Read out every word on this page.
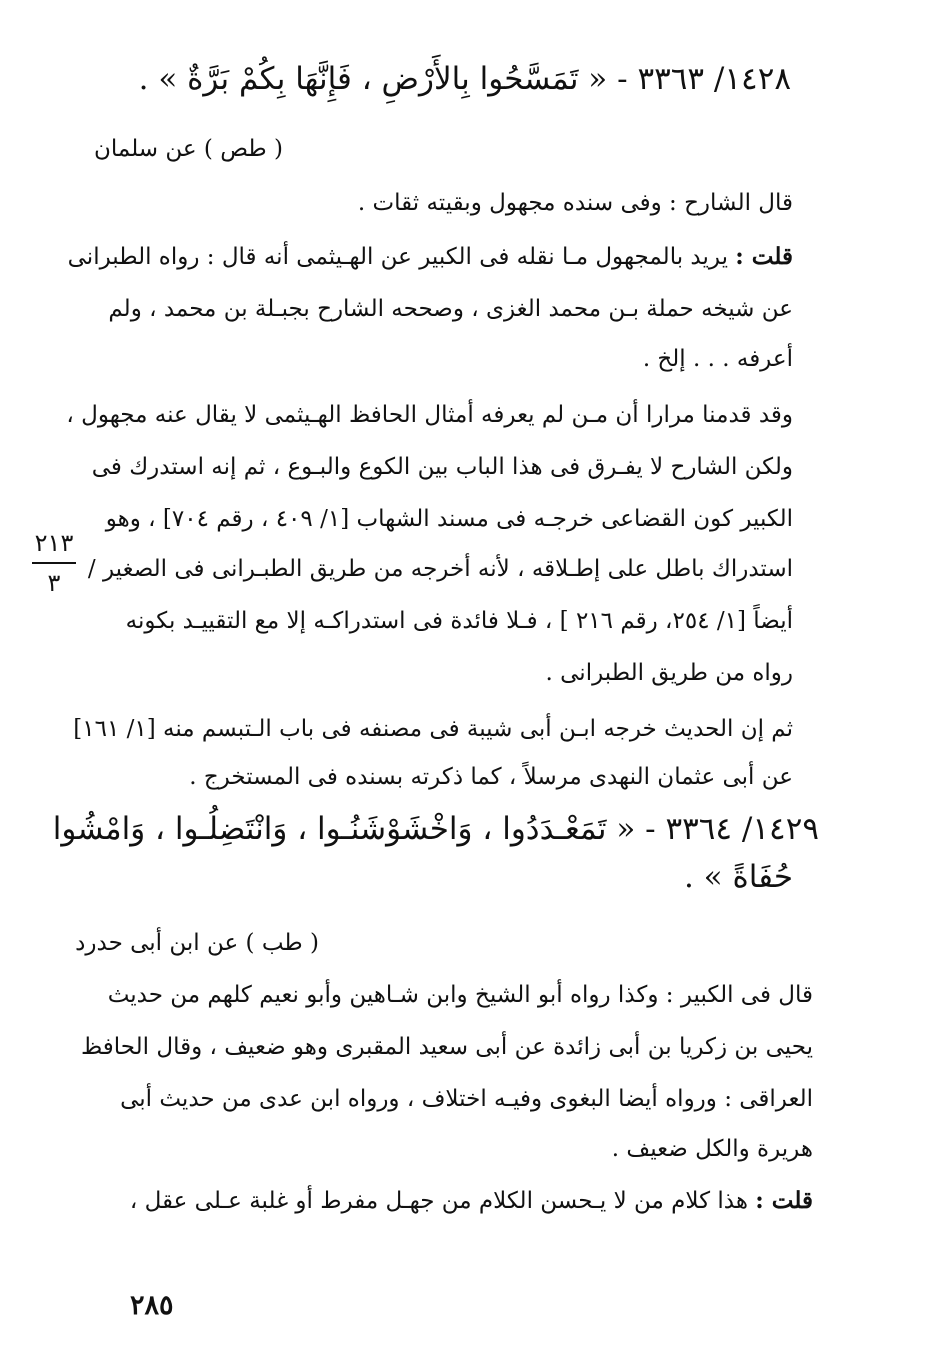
١٤٢٨/ ٣٣٦٣ - « تَمَسَّحُوا بِالأَرْضِ ، فَإِنَّهَا بِكُمْ بَرَّةٌ » .

( طص ) عن سلمان

قال الشارح : وفى سنده مجهول وبقيته ثقات .

قلت : يريد بالمجهول مـا نقله فى الكبير عن الهـيثمى أنه قال : رواه الطبرانى

عن شيخه حملة بـن محمد الغزى ، وصححه الشارح بجبـلة بن محمد ، ولم

أعرفه . . . إلخ .

وقد قدمنا مرارا أن مـن لم يعرفه أمثال الحافظ الهـيثمى لا يقال عنه مجهول ،

ولكن الشارح لا يفـرق فى هذا الباب بين الكوع والبـوع ، ثم إنه استدرك فى

الكبير كون القضاعى خرجـه فى مسند الشهاب [١/ ٤٠٩ ، رقم ٧٠٤] ، وهو

استدراك باطل على إطـلاقه ، لأنه أخرجه من طريق الطبـرانى فى الصغير /

أيضاً [١/ ٢٥٤، رقم ٢١٦ ] ، فـلا فائدة فى استدراكـه إلا مع التقييـد بكونه

رواه من طريق الطبرانى .

ثم إن الحديث خرجه ابـن أبى شيبة فى مصنفه فى باب الـتبسم منه [١/ ١٦١]

عن أبى عثمان النهدى مرسلاً ، كما ذكرته بسنده فى المستخرج .

١٤٢٩/ ٣٣٦٤ - « تَمَعْـدَدُوا ، وَاخْشَوْشَنُـوا ، وَانْتَضِلُـوا ، وَامْشُوا

حُفَاةً » .

( طب ) عن ابن أبى حدرد

قال فى الكبير : وكذا رواه أبو الشيخ وابن شـاهين وأبو نعيم كلهم من حديث

يحيى بن زكريا بن أبى زائدة عن أبى سعيد المقبرى وهو ضعيف ، وقال الحافظ

العراقى : ورواه أيضا البغوى وفيـه اختلاف ، ورواه ابن عدى من حديث أبى

هريرة والكل ضعيف .

قلت : هذا كلام من لا يـحسن الكلام من جهـل مفرط أو غلبة عـلى عقل ،

٢١٣
٣
٢٨٥
